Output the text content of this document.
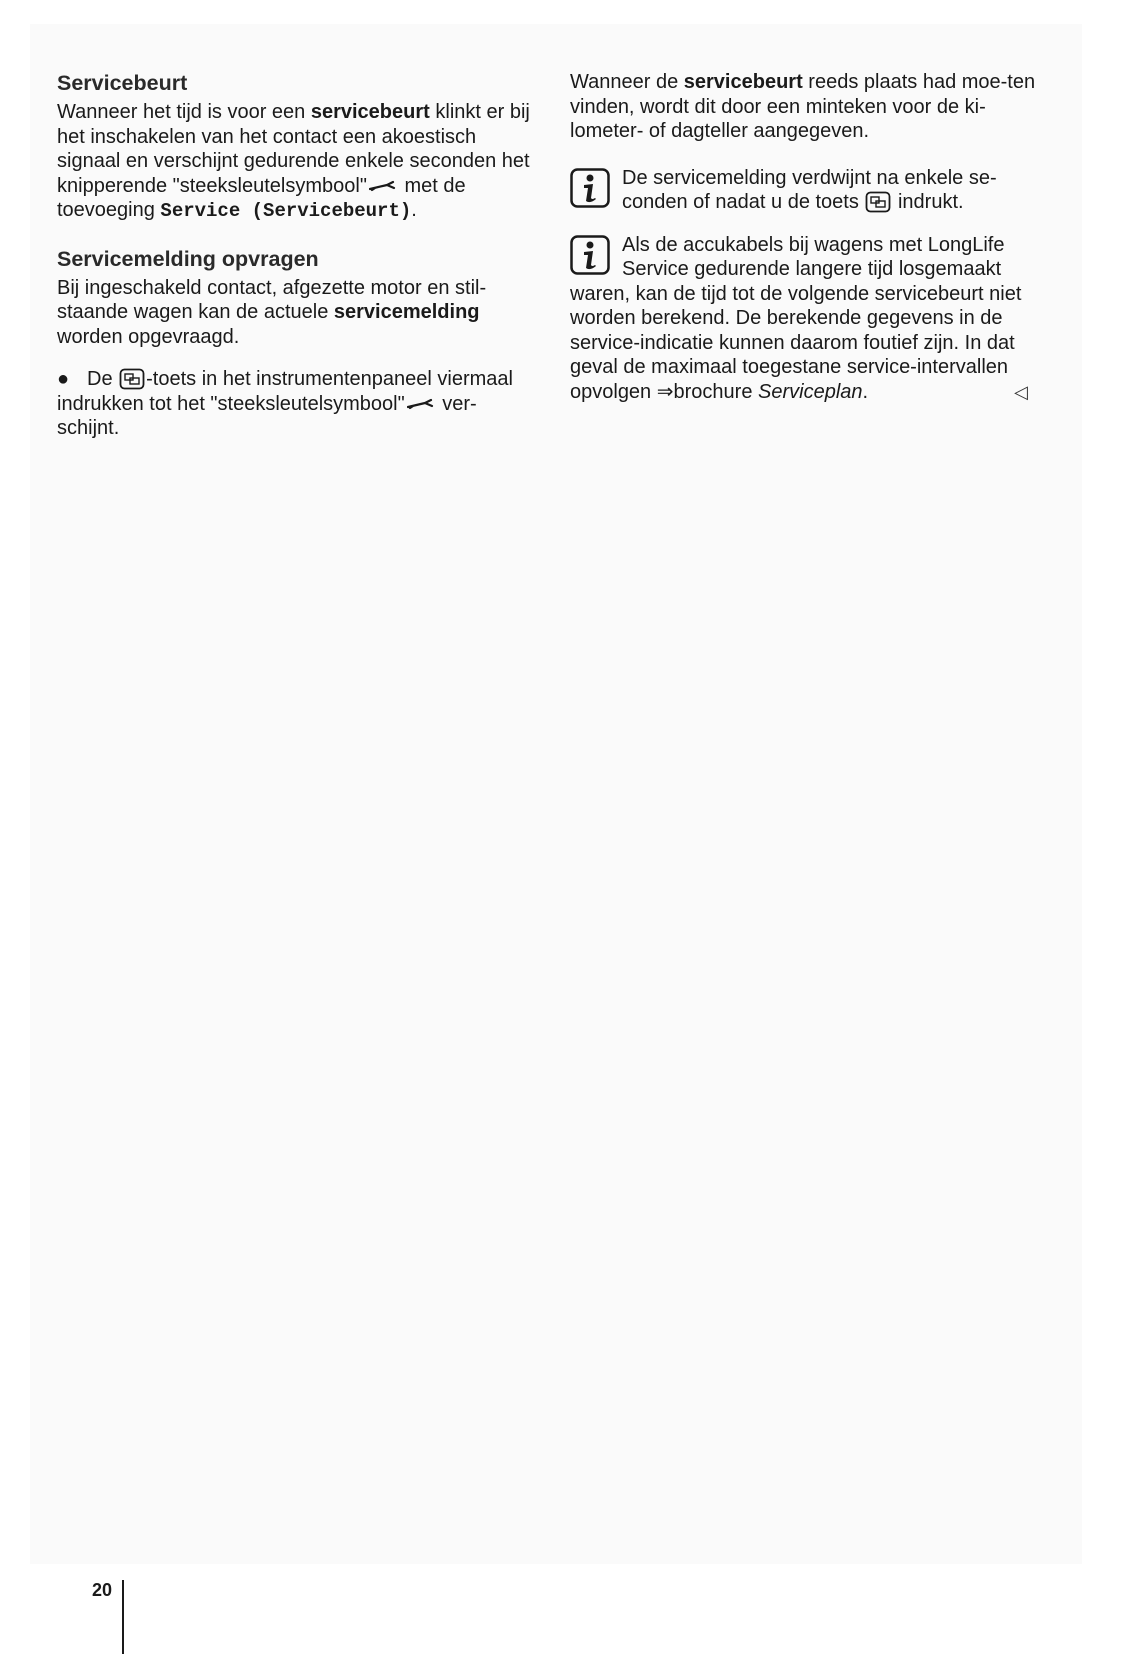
Servicebeurt

Wanneer het tijd is voor een servicebeurt klinkt er bij het inschakelen van het contact een akoestisch signaal en verschijnt gedurende enkele seconden het knipperende "steeksleutelsymbool" met de toevoeging Service (Servicebeurt).

Servicemelding opvragen

Bij ingeschakeld contact, afgezette motor en stil-staande wagen kan de actuele servicemelding worden opgevraagd.

● De -toets in het instrumentenpaneel viermaal indrukken tot het "steeksleutelsymbool" ver-schijnt.

Wanneer de servicebeurt reeds plaats had moe-ten vinden, wordt dit door een minteken voor de ki-lometer- of dagteller aangegeven.

De servicemelding verdwijnt na enkele se-conden of nadat u de toets  indrukt.

Als de accukabels bij wagens met LongLife Service gedurende langere tijd losgemaakt waren, kan de tijd tot de volgende servicebeurt niet worden berekend. De berekende gegevens in de service-indicatie kunnen daarom foutief zijn. In dat geval de maximaal toegestane service-intervallen opvolgen ⇒brochure Serviceplan.	◁

20
